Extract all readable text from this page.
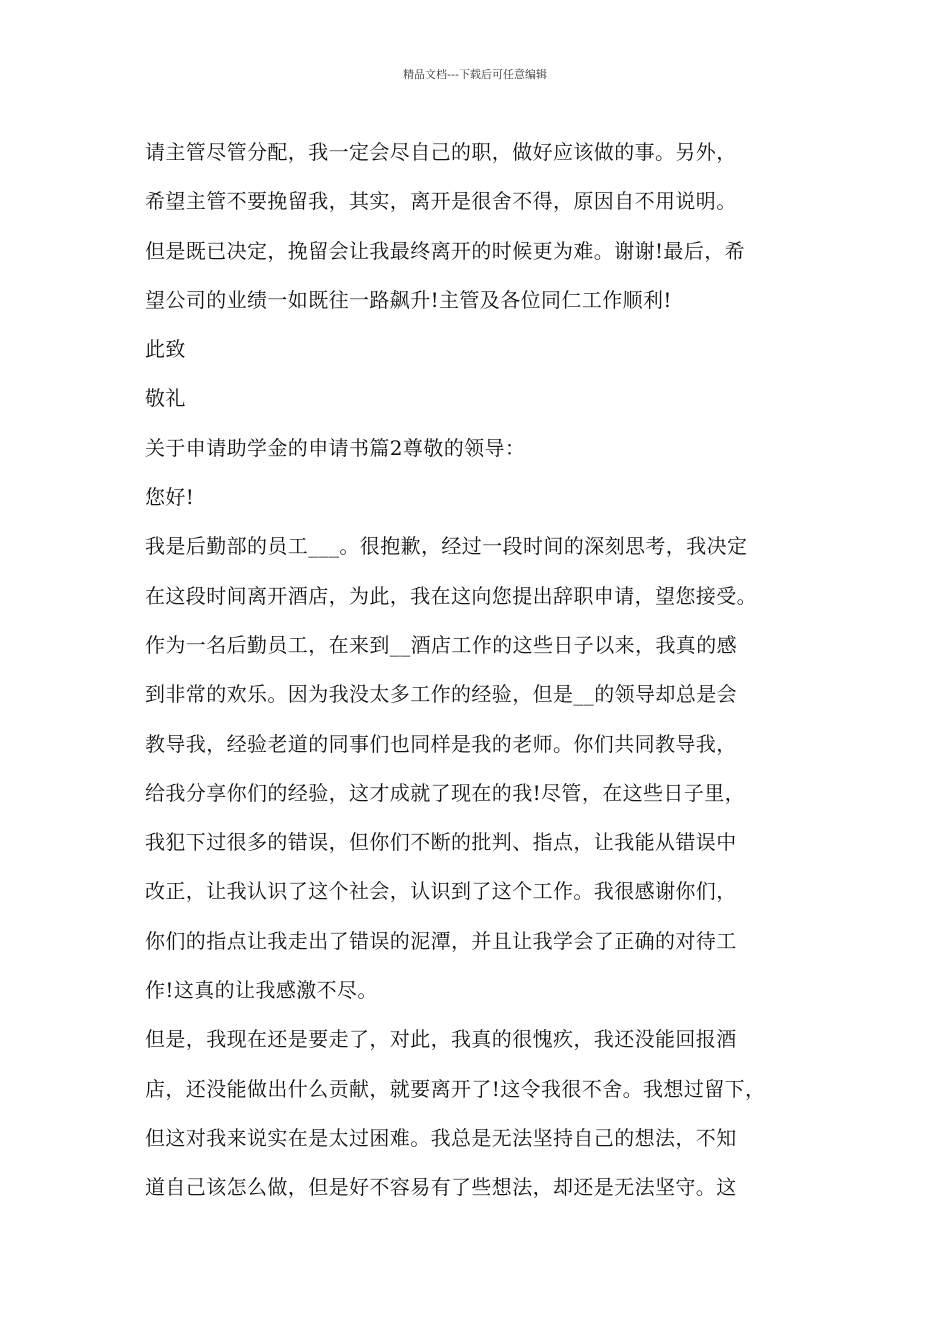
精品文档---下载后可任意编辑
请主管尽管分配，我一定会尽自己的职，做好应该做的事。另外，
希望主管不要挽留我，其实，离开是很舍不得，原因自不用说明。
但是既已决定，挽留会让我最终离开的时候更为难。谢谢!最后，希
望公司的业绩一如既往一路飙升!主管及各位同仁工作顺利!
此致
敬礼
关于申请助学金的申请书篇2尊敬的领导：
您好!
我是后勤部的员工___。很抱歉，经过一段时间的深刻思考，我决定
在这段时间离开酒店，为此，我在这向您提出辞职申请，望您接受。
作为一名后勤员工，在来到__酒店工作的这些日子以来，我真的感
到非常的欢乐。因为我没太多工作的经验，但是__的领导却总是会
教导我，经验老道的同事们也同样是我的老师。你们共同教导我，
给我分享你们的经验，这才成就了现在的我!尽管，在这些日子里，
我犯下过很多的错误，但你们不断的批判、指点，让我能从错误中
改正，让我认识了这个社会，认识到了这个工作。我很感谢你们，
你们的指点让我走出了错误的泥潭，并且让我学会了正确的对待工
作!这真的让我感激不尽。
但是，我现在还是要走了，对此，我真的很愧疚，我还没能回报酒
店，还没能做出什么贡献，就要离开了!这令我很不舍。我想过留下，
但这对我来说实在是太过困难。我总是无法坚持自己的想法，不知
道自己该怎么做，但是好不容易有了些想法，却还是无法坚守。这
